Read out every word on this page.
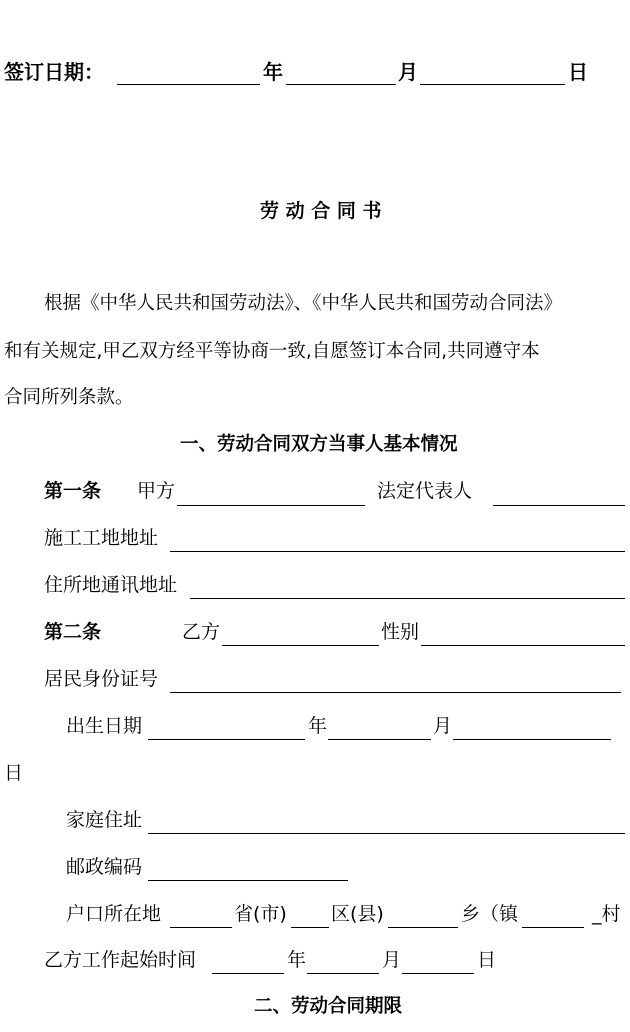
签订日期：	年	月	日
劳 动 合 同 书
根据《中华人民共和国劳动法》、《中华人民共和国劳动合同法》
和有关规定,甲乙双方经平等协商一致,自愿签订本合同,共同遵守本
合同所列条款。
一、劳动合同双方当事人基本情况
第一条 甲方	法定代表人
施工工地地址
住所地通讯地址
第二条	乙方	性别
居民身份证号
出生日期	年	月
日
家庭住址
邮政编码
户口所在地	省(市) 区(县)	乡（镇	_村
乙方工作起始时间	年	月	日
二、劳动合同期限
